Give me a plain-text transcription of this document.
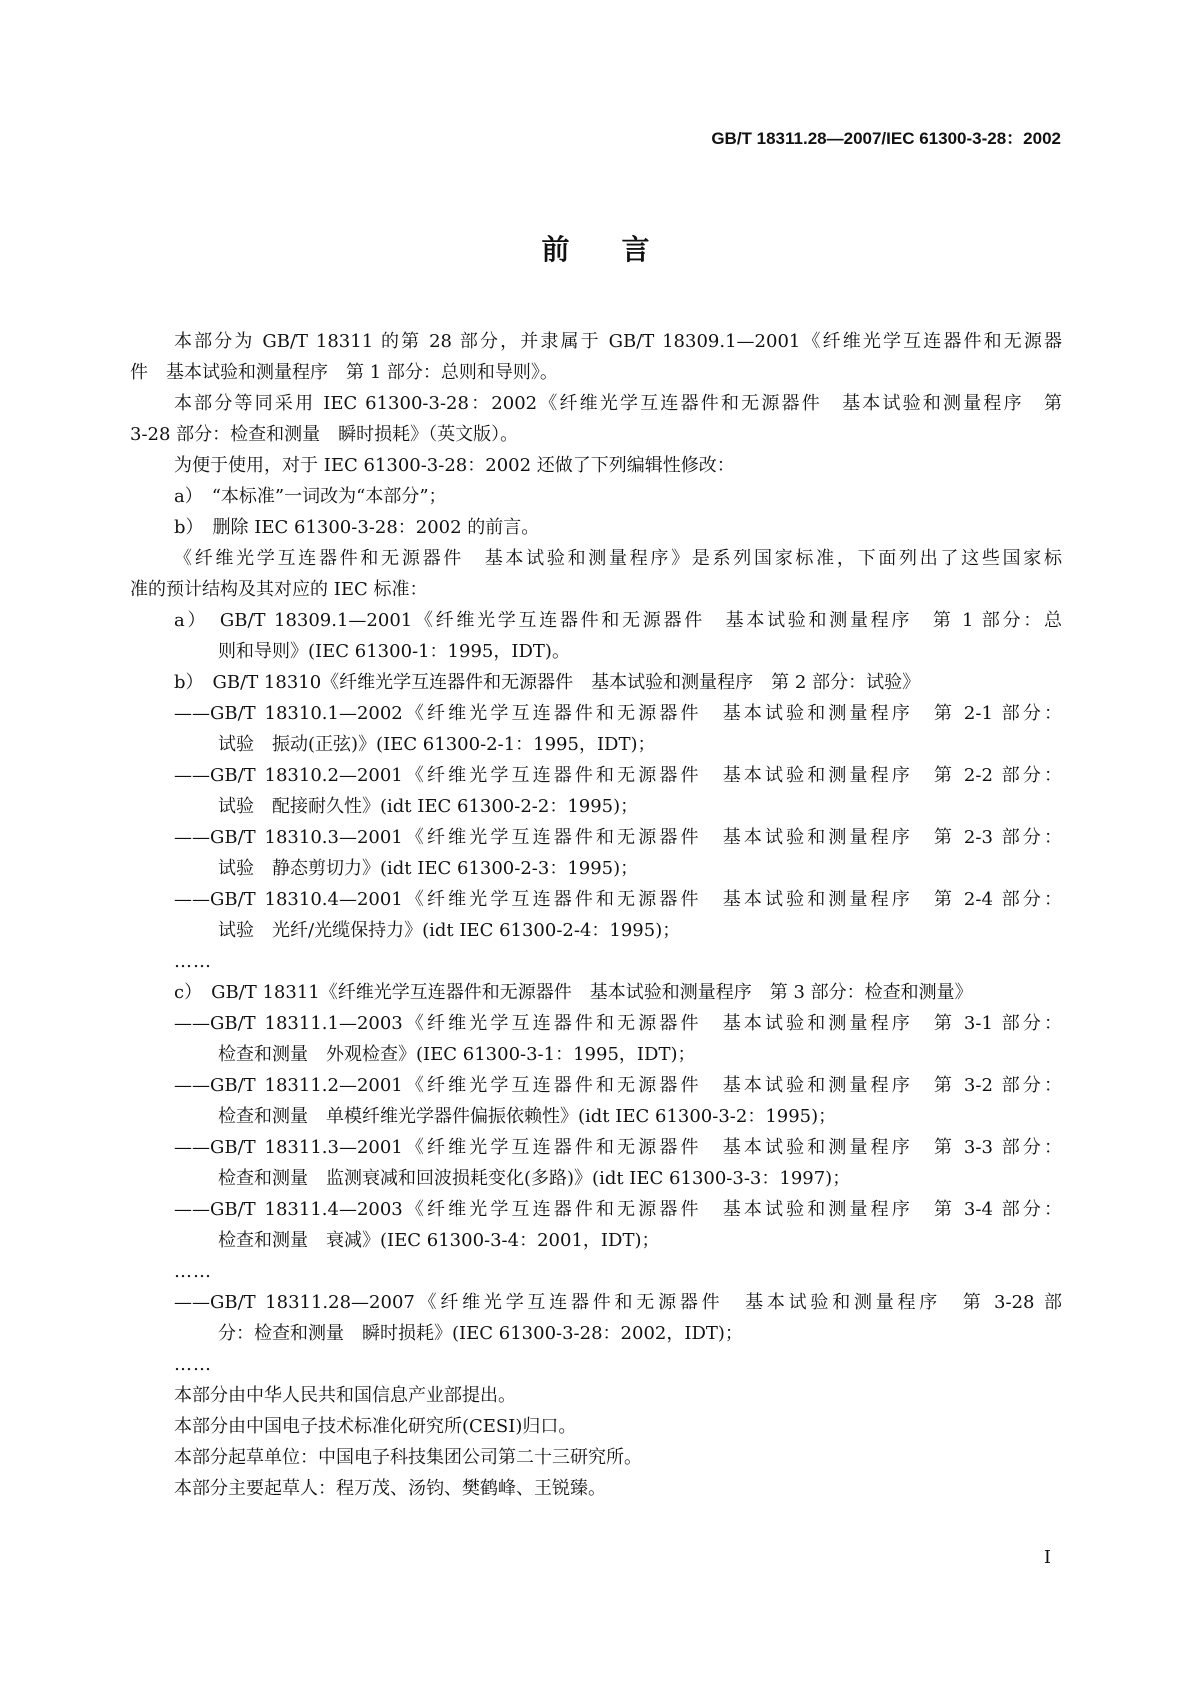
GB/T 18311.28—2007/IEC 61300-3-28：2002
前言
本部分为 GB/T 18311 的第 28 部分，并隶属于 GB/T 18309.1—2001《纤维光学互连器件和无源器
件　基本试验和测量程序　第 1 部分：总则和导则》。
本部分等同采用 IEC 61300-3-28：2002《纤维光学互连器件和无源器件　基本试验和测量程序　第
3-28 部分：检查和测量　瞬时损耗》（英文版）。
为便于使用，对于 IEC 61300-3-28：2002 还做了下列编辑性修改：
a）　“本标准”一词改为“本部分”；
b）　删除 IEC 61300-3-28：2002 的前言。
《纤维光学互连器件和无源器件　基本试验和测量程序》是系列国家标准，下面列出了这些国家标
准的预计结构及其对应的 IEC 标准：
a）　GB/T 18309.1—2001《纤维光学互连器件和无源器件　基本试验和测量程序　第 1 部分：总
则和导则》(IEC 61300-1：1995，IDT)。
b）　GB/T 18310《纤维光学互连器件和无源器件　基本试验和测量程序　第 2 部分：试验》
——GB/T 18310.1—2002《纤维光学互连器件和无源器件　基本试验和测量程序　第 2-1 部分：
试验　振动(正弦)》(IEC 61300-2-1：1995，IDT)；
——GB/T 18310.2—2001《纤维光学互连器件和无源器件　基本试验和测量程序　第 2-2 部分：
试验　配接耐久性》(idt IEC 61300-2-2：1995)；
——GB/T 18310.3—2001《纤维光学互连器件和无源器件　基本试验和测量程序　第 2-3 部分：
试验　静态剪切力》(idt IEC 61300-2-3：1995)；
——GB/T 18310.4—2001《纤维光学互连器件和无源器件　基本试验和测量程序　第 2-4 部分：
试验　光纤/光缆保持力》(idt IEC 61300-2-4：1995)；
……
c）　GB/T 18311《纤维光学互连器件和无源器件　基本试验和测量程序　第 3 部分：检查和测量》
——GB/T 18311.1—2003《纤维光学互连器件和无源器件　基本试验和测量程序　第 3-1 部分：
检查和测量　外观检查》(IEC 61300-3-1：1995，IDT)；
——GB/T 18311.2—2001《纤维光学互连器件和无源器件　基本试验和测量程序　第 3-2 部分：
检查和测量　单模纤维光学器件偏振依赖性》(idt IEC 61300-3-2：1995)；
——GB/T 18311.3—2001《纤维光学互连器件和无源器件　基本试验和测量程序　第 3-3 部分：
检查和测量　监测衰减和回波损耗变化(多路)》(idt IEC 61300-3-3：1997)；
——GB/T 18311.4—2003《纤维光学互连器件和无源器件　基本试验和测量程序　第 3-4 部分：
检查和测量　衰减》(IEC 61300-3-4：2001，IDT)；
……
——GB/T 18311.28—2007《纤维光学互连器件和无源器件　基本试验和测量程序　第 3-28 部
分：检查和测量　瞬时损耗》(IEC 61300-3-28：2002，IDT)；
……
本部分由中华人民共和国信息产业部提出。
本部分由中国电子技术标准化研究所(CESI)归口。
本部分起草单位：中国电子科技集团公司第二十三研究所。
本部分主要起草人：程万茂、汤钧、樊鹤峰、王锐臻。
I
